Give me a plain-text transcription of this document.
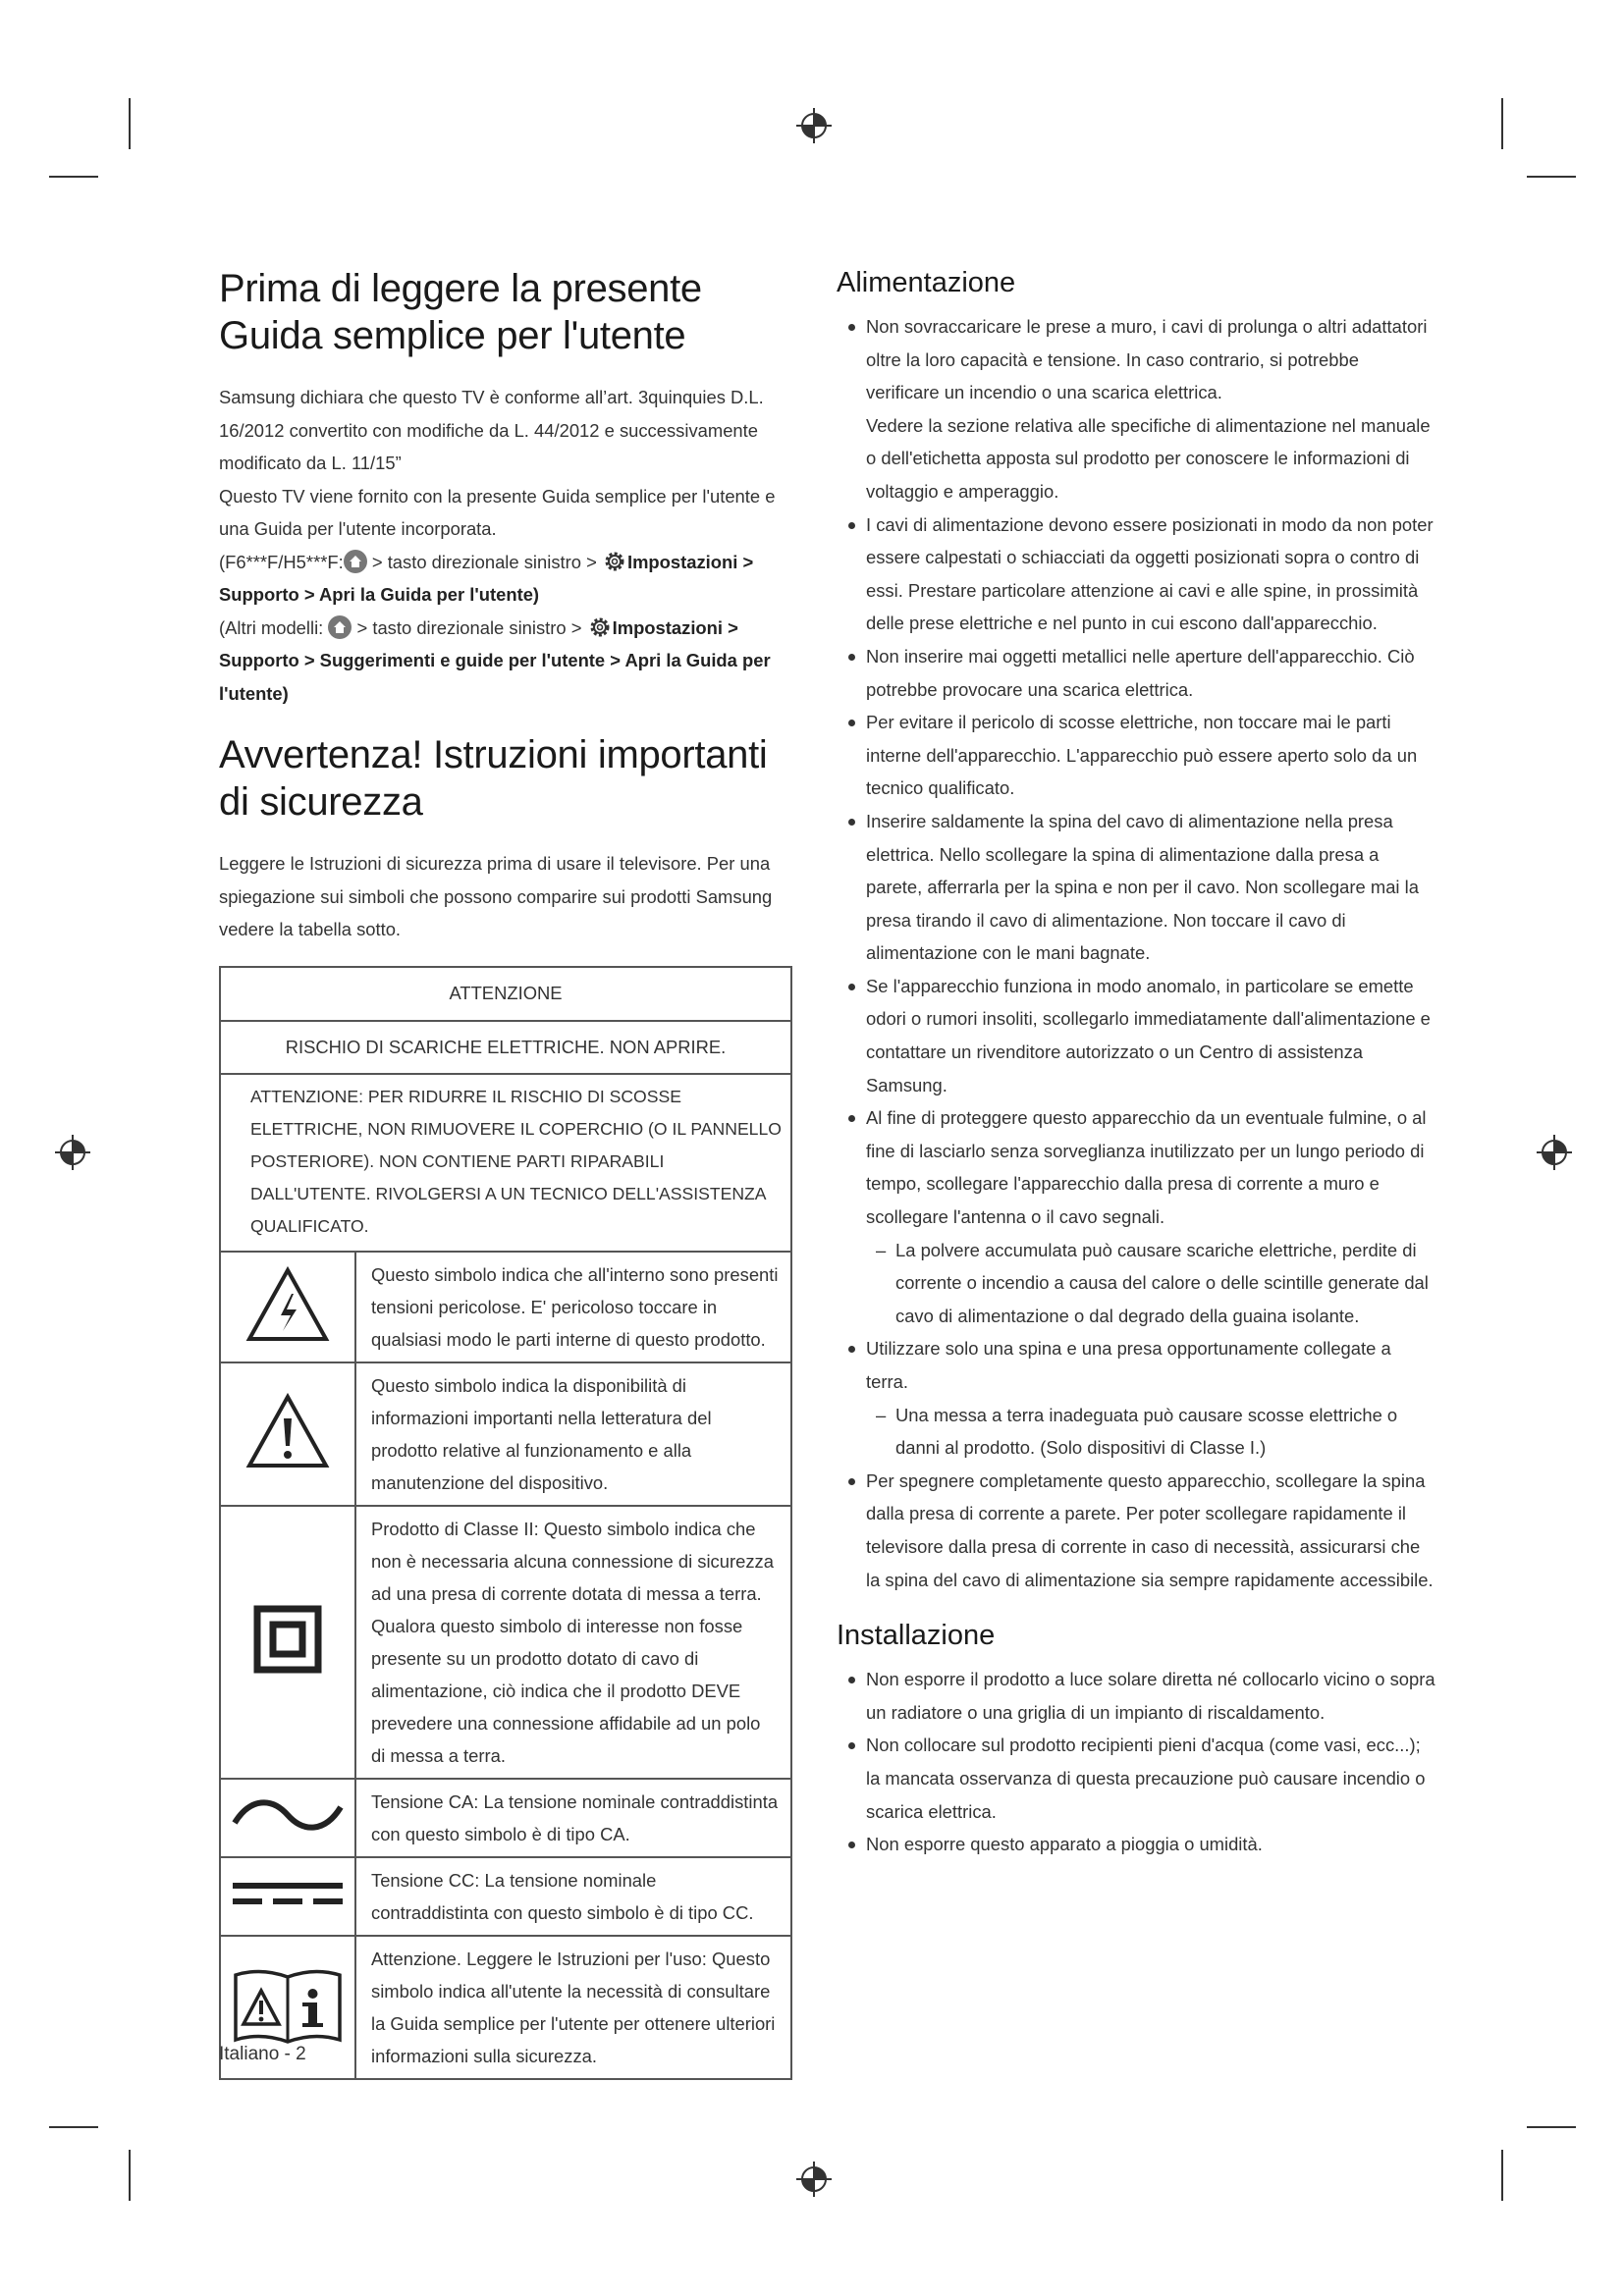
Prima di leggere la presente Guida semplice per l'utente

Samsung dichiara che questo TV è conforme all’art. 3quinquies D.L. 16/2012 convertito con modifiche da L. 44/2012 e successivamente modificato da L. 11/15”

Questo TV viene fornito con la presente Guida semplice per l'utente e una Guida per l'utente incorporata.

(F6***F/H5***F:
> tasto direzionale sinistro > Impostazioni >
Supporto > Apri la Guida per l'utente)

(Altri modelli:
> tasto direzionale sinistro > Impostazioni >
Supporto > Suggerimenti e guide per l'utente > Apri la Guida per l'utente)

Avvertenza! Istruzioni importanti di sicurezza

Leggere le Istruzioni di sicurezza prima di usare il televisore. Per una spiegazione sui simboli che possono comparire sui prodotti Samsung vedere la tabella sotto.

ATTENZIONE	
RISCHIO DI SCARICHE ELETTRICHE. NON APRIRE.	
ATTENZIONE: PER RIDURRE IL RISCHIO DI SCOSSE ELETTRICHE, NON RIMUOVERE IL COPERCHIO (O IL PANNELLO POSTERIORE). NON CONTIENE PARTI RIPARABILI DALL'UTENTE. RIVOLGERSI A UN TECNICO DELL'ASSISTENZA QUALIFICATO.	
	Questo simbolo indica che all'interno sono presenti tensioni pericolose. E' pericoloso toccare in qualsiasi modo le parti interne di questo prodotto.
	Questo simbolo indica la disponibilità di informazioni importanti nella letteratura del prodotto relative al funzionamento e alla manutenzione del dispositivo.
	Prodotto di Classe II: Questo simbolo indica che non è necessaria alcuna connessione di sicurezza ad una presa di corrente dotata di messa a terra. Qualora questo simbolo di interesse non fosse presente su un prodotto dotato di cavo di alimentazione, ciò indica che il prodotto DEVE prevedere una connessione affidabile ad un polo di messa a terra.
	Tensione CA: La tensione nominale contraddistinta con questo simbolo è di tipo CA.
	Tensione CC: La tensione nominale contraddistinta con questo simbolo è di tipo CC.
	Attenzione. Leggere le Istruzioni per l'uso: Questo simbolo indica all'utente la necessità di consultare la Guida semplice per l'utente per ottenere ulteriori informazioni sulla sicurezza.
Alimentazione
Non sovraccaricare le prese a muro, i cavi di prolunga o altri adattatori oltre la loro capacità e tensione. In caso contrario, si potrebbe verificare un incendio o una scarica elettrica.
Vedere la sezione relativa alle specifiche di alimentazione nel manuale o dell'etichetta apposta sul prodotto per conoscere le informazioni di voltaggio e amperaggio.
I cavi di alimentazione devono essere posizionati in modo da non poter essere calpestati o schiacciati da oggetti posizionati sopra o contro di essi. Prestare particolare attenzione ai cavi e alle spine, in prossimità delle prese elettriche e nel punto in cui escono dall'apparecchio.
Non inserire mai oggetti metallici nelle aperture dell'apparecchio. Ciò potrebbe provocare una scarica elettrica.
Per evitare il pericolo di scosse elettriche, non toccare mai le parti interne dell'apparecchio. L'apparecchio può essere aperto solo da un tecnico qualificato.
Inserire saldamente la spina del cavo di alimentazione nella presa elettrica. Nello scollegare la spina di alimentazione dalla presa a parete, afferrarla per la spina e non per il cavo. Non scollegare mai la presa tirando il cavo di alimentazione. Non toccare il cavo di alimentazione con le mani bagnate.
Se l'apparecchio funziona in modo anomalo, in particolare se emette odori o rumori insoliti, scollegarlo immediatamente dall'alimentazione e contattare un rivenditore autorizzato o un Centro di assistenza Samsung.
Al fine di proteggere questo apparecchio da un eventuale fulmine, o al fine di lasciarlo senza sorveglianza inutilizzato per un lungo periodo di tempo, scollegare l'apparecchio dalla presa di corrente a muro e scollegare l'antenna o il cavo segnali.
– La polvere accumulata può causare scariche elettriche, perdite di corrente o incendio a causa del calore o delle scintille generate dal cavo di alimentazione o dal degrado della guaina isolante.
Utilizzare solo una spina e una presa opportunamente collegate a terra.
– Una messa a terra inadeguata può causare scosse elettriche o danni al prodotto. (Solo dispositivi di Classe I.)
Per spegnere completamente questo apparecchio, scollegare la spina dalla presa di corrente a parete. Per poter scollegare rapidamente il televisore dalla presa di corrente in caso di necessità, assicurarsi che la spina del cavo di alimentazione sia sempre rapidamente accessibile.
Installazione
Non esporre il prodotto a luce solare diretta né collocarlo vicino o sopra un radiatore o una griglia di un impianto di riscaldamento.
Non collocare sul prodotto recipienti pieni d'acqua (come vasi, ecc...); la mancata osservanza di questa precauzione può causare incendio o scarica elettrica.
Non esporre questo apparato a pioggia o umidità.
Italiano - 2
